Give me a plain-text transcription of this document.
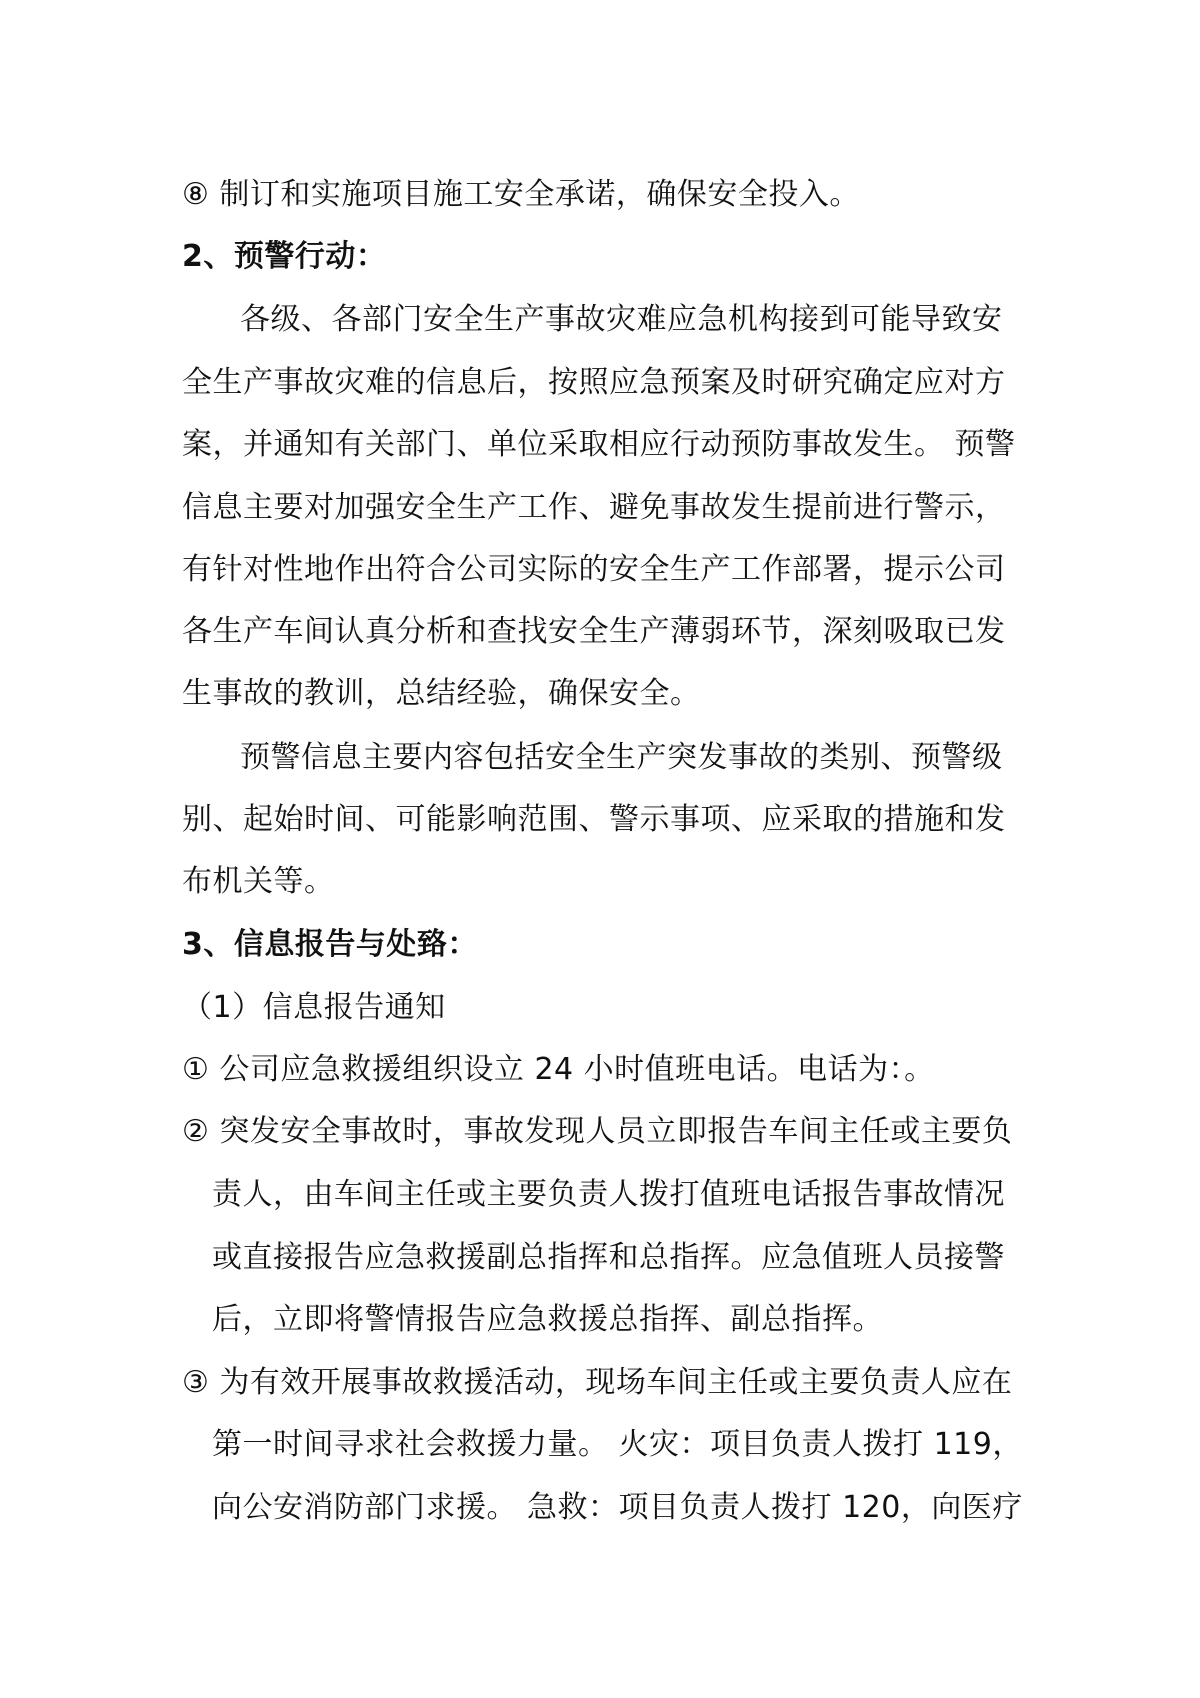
⑧ 制订和实施项目施工安全承诺，确保安全投入。
2、预警行动：
各级、各部门安全生产事故灾难应急机构接到可能导致安
全生产事故灾难的信息后，按照应急预案及时研究确定应对方
案，并通知有关部门、单位采取相应行动预防事故发生。 预警
信息主要对加强安全生产工作、避免事故发生提前进行警示，
有针对性地作出符合公司实际的安全生产工作部署，提示公司
各生产车间认真分析和查找安全生产薄弱环节，深刻吸取已发
生事故的教训，总结经验，确保安全。
预警信息主要内容包括安全生产突发事故的类别、预警级
别、起始时间、可能影响范围、警示事项、应采取的措施和发
布机关等。
3、信息报告与处臵：
（1）信息报告通知
① 公司应急救援组织设立 24 小时值班电话。电话为：。
② 突发安全事故时，事故发现人员立即报告车间主任或主要负
责人，由车间主任或主要负责人拨打值班电话报告事故情况
或直接报告应急救援副总指挥和总指挥。应急值班人员接警
后，立即将警情报告应急救援总指挥、副总指挥。
③ 为有效开展事故救援活动，现场车间主任或主要负责人应在
第一时间寻求社会救援力量。 火灾：项目负责人拨打 119，
向公安消防部门求援。 急救：项目负责人拨打 120，向医疗
